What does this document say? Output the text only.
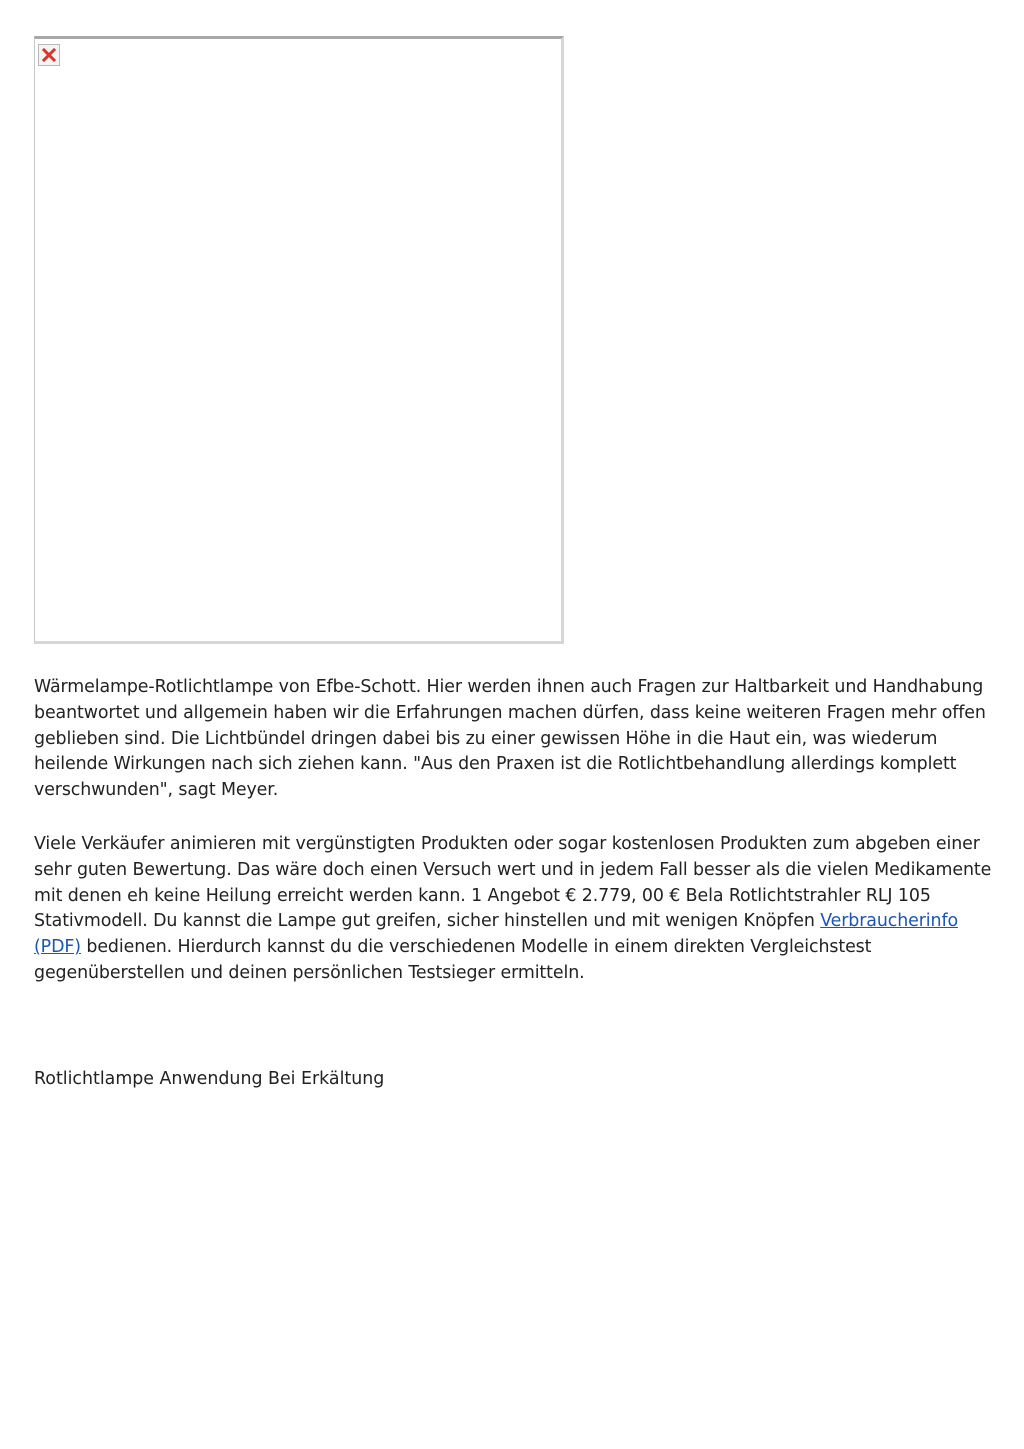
Wärmelampe-Rotlichtlampe von Efbe-Schott. Hier werden ihnen auch Fragen zur Haltbarkeit und Handhabung beantwortet und allgemein haben wir die Erfahrungen machen dürfen, dass keine weiteren Fragen mehr offen geblieben sind. Die Lichtbündel dringen dabei bis zu einer gewissen Höhe in die Haut ein, was wiederum heilende Wirkungen nach sich ziehen kann. "Aus den Praxen ist die Rotlichtbehandlung allerdings komplett verschwunden", sagt Meyer.

Viele Verkäufer animieren mit vergünstigten Produkten oder sogar kostenlosen Produkten zum abgeben einer sehr guten Bewertung. Das wäre doch einen Versuch wert und in jedem Fall besser als die vielen Medikamente mit denen eh keine Heilung erreicht werden kann. 1 Angebot € 2.779, 00 € Bela Rotlichtstrahler RLJ 105 Stativmodell. Du kannst die Lampe gut greifen, sicher hinstellen und mit wenigen Knöpfen Verbraucherinfo (PDF) bedienen. Hierdurch kannst du die verschiedenen Modelle in einem direkten Vergleichstest gegenüberstellen und deinen persönlichen Testsieger ermitteln.

Rotlichtlampe Anwendung Bei Erkältung
